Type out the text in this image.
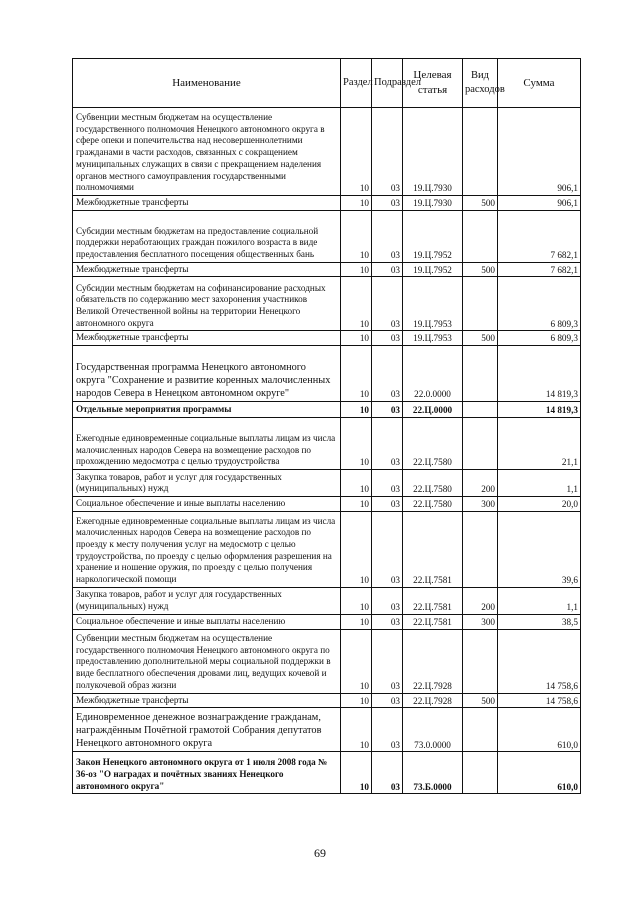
Наименование	Раздел	Подраздел	Целевая статья	Вид расходов	Сумма
Субвенции местным бюджетам на осуществление государственного полномочия Ненецкого автономного округа в сфере опеки и попечительства над несовершеннолетними гражданами в части расходов, связанных с сокращением муниципальных служащих в связи с прекращением наделения органов местного самоуправления государственными полномочиями	10	03	19.Ц.7930		906,1
Межбюджетные трансферты	10	03	19.Ц.7930	500	906,1
Субсидии местным бюджетам на предоставление социальной поддержки неработающих граждан пожилого возраста в виде предоставления бесплатного посещения общественных бань	10	03	19.Ц.7952		7 682,1
Межбюджетные трансферты	10	03	19.Ц.7952	500	7 682,1
Субсидии местным бюджетам на софинансирование расходных обязательств по содержанию мест захоронения участников Великой Отечественной войны на территории Ненецкого автономного округа	10	03	19.Ц.7953		6 809,3
Межбюджетные трансферты	10	03	19.Ц.7953	500	6 809,3
Государственная программа Ненецкого автономного округа "Сохранение и развитие коренных малочисленных народов Севера в Ненецком автономном округе"	10	03	22.0.0000		14 819,3
Отдельные мероприятия программы	10	03	22.Ц.0000		14 819,3
Ежегодные единовременные социальные выплаты лицам из числа малочисленных народов Севера на возмещение расходов по прохождению медосмотра с целью трудоустройства	10	03	22.Ц.7580		21,1
Закупка товаров, работ и услуг для государственных (муниципальных) нужд	10	03	22.Ц.7580	200	1,1
Социальное обеспечение и иные выплаты населению	10	03	22.Ц.7580	300	20,0
Ежегодные единовременные социальные выплаты лицам из числа малочисленных народов Севера на возмещение расходов по проезду к месту получения услуг на медосмотр с целью трудоустройства, по проезду с целью оформления разрешения на хранение и ношение оружия, по проезду с целью получения наркологической помощи	10	03	22.Ц.7581		39,6
Закупка товаров, работ и услуг для государственных (муниципальных) нужд	10	03	22.Ц.7581	200	1,1
Социальное обеспечение и иные выплаты населению	10	03	22.Ц.7581	300	38,5
Субвенции местным бюджетам на осуществление государственного полномочия Ненецкого автономного округа по предоставлению дополнительной меры социальной поддержки в виде бесплатного обеспечения дровами лиц, ведущих кочевой и полукочевой образ жизни	10	03	22.Ц.7928		14 758,6
Межбюджетные трансферты	10	03	22.Ц.7928	500	14 758,6
Единовременное денежное вознаграждение гражданам, награждённым Почётной грамотой Собрания депутатов Ненецкого автономного округа	10	03	73.0.0000		610,0
Закон Ненецкого автономного округа от 1 июля 2008 года № 36-оз "О наградах и почётных званиях Ненецкого автономного округа"	10	03	73.Б.0000		610,0
69
